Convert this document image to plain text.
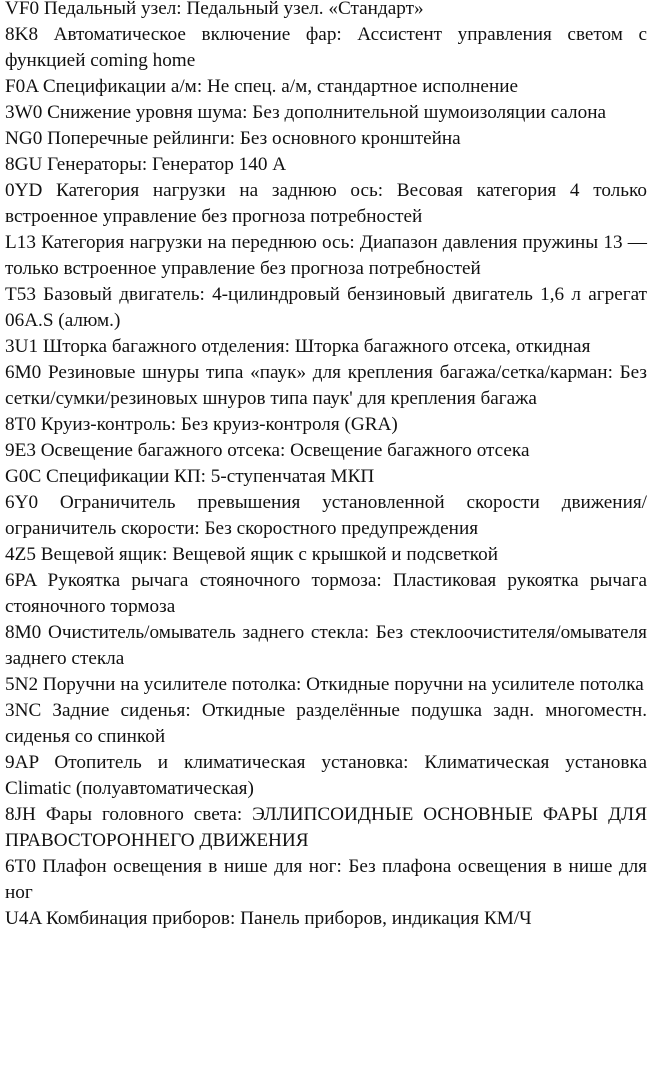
VF0 Педальный узел: Педальный узел. «Стандарт»

8K8 Автоматическое включение фар: Ассистент управления светом с функцией coming home

F0A Спецификации а/м: Не спец. а/м, стандартное исполнение

3W0 Снижение уровня шума: Без дополнительной шумоизоляции салона

NG0 Поперечные рейлинги: Без основного кронштейна

8GU Генераторы: Генератор 140 А

0YD Категория нагрузки на заднюю ось: Весовая категория 4 только встроенное управление без прогноза потребностей

L13 Категория нагрузки на переднюю ось: Диапазон давления пружины 13 — только встроенное управление без прогноза потребностей

T53 Базовый двигатель: 4-цилиндровый бензиновый двигатель 1,6 л агрегат 06A.S (алюм.)

3U1 Шторка багажного отделения: Шторка багажного отсека, откидная

6M0 Резиновые шнуры типа «паук» для крепления багажа/сетка/карман: Без сетки/сумки/резиновых шнуров типа паук' для крепления багажа

8T0 Круиз-контроль: Без круиз-контроля (GRA)

9E3 Освещение багажного отсека: Освещение багажного отсека

G0C Спецификации КП: 5-ступенчатая МКП

6Y0 Ограничитель превышения установленной скорости движения/ограничитель скорости: Без скоростного предупреждения

4Z5 Вещевой ящик: Вещевой ящик с крышкой и подсветкой

6PA Рукоятка рычага стояночного тормоза: Пластиковая рукоятка рычага стояночного тормоза

8M0 Очиститель/омыватель заднего стекла: Без стеклоочистителя/омывателя заднего стекла

5N2 Поручни на усилителе потолка: Откидные поручни на усилителе потолка

3NC Задние сиденья: Откидные разделённые подушка задн. многоместн. сиденья со спинкой

9AP Отопитель и климатическая установка: Климатическая установка Climatic (полуавтоматическая)

8JH Фары головного света: ЭЛЛИПСОИДНЫЕ ОСНОВНЫЕ ФАРЫ ДЛЯ ПРАВОСТОРОННЕГО ДВИЖЕНИЯ

6T0 Плафон освещения в нише для ног: Без плафона освещения в нише для ног

U4A Комбинация приборов: Панель приборов, индикация КМ/Ч
